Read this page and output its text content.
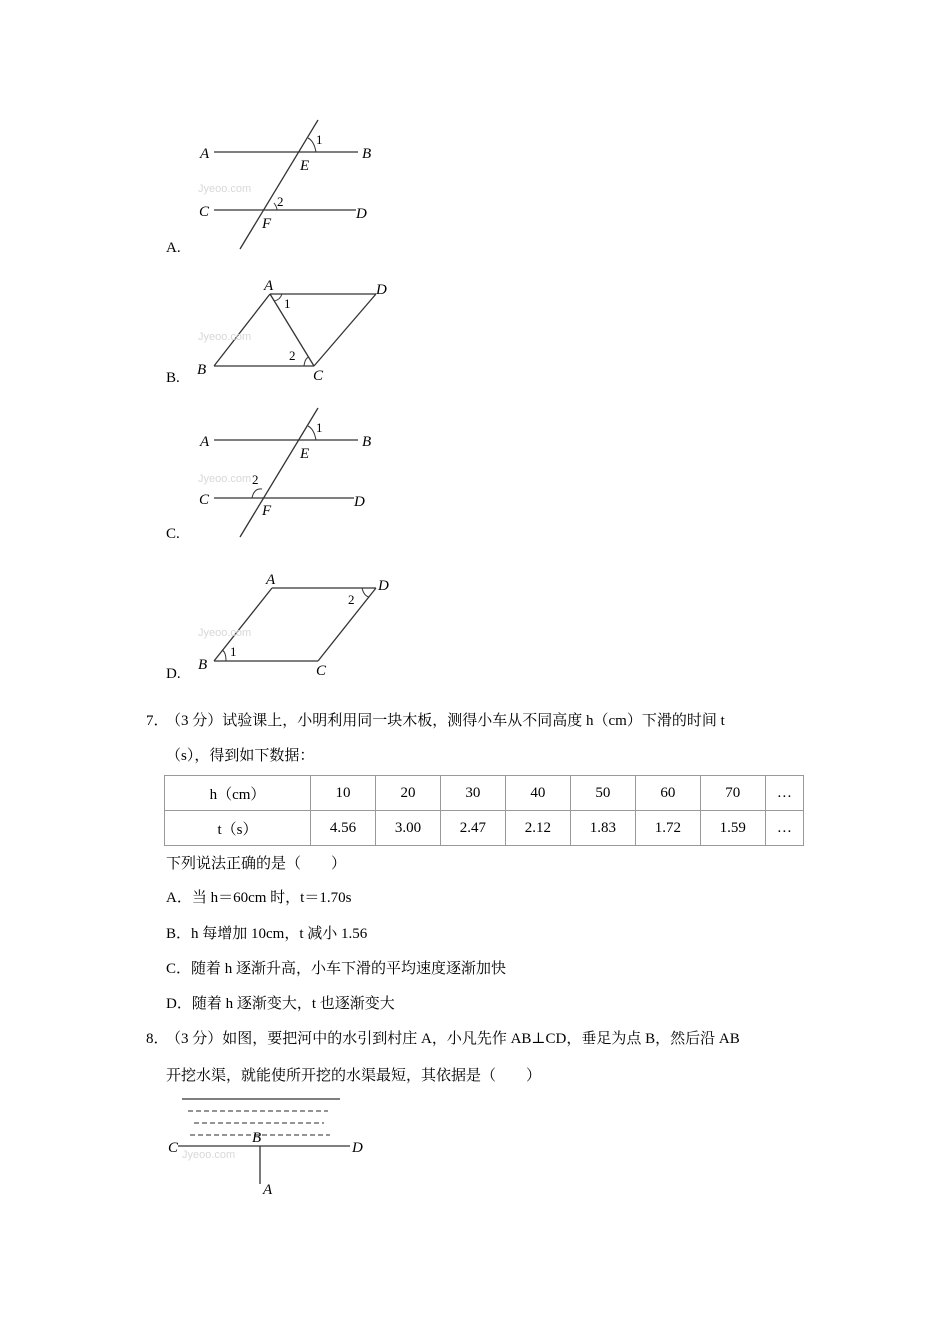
A	B
C	D
E
F
1
2
Jyeoo.com
A.
A	D
B	C
1
2
Jyeoo.com
B.
A	B
C	D
E
F
1
2
Jyeoo.com
C.
A	D
B	C
1
2
Jyeoo.com
D.
7．
（3 分）试验课上，小明利用同一块木板，测得小车从不同高度 h（cm）下滑的时间 t
（s），得到如下数据：
h（cm）	10	20	30	40	50	60	70	…
t（s）	4.56	3.00	2.47	2.12	1.83	1.72	1.59	…
下列说法正确的是（　　）
A．当 h＝60cm 时，t＝1.70s
B．h 每增加 10cm，t 减小 1.56
C．随着 h 逐渐升高，小车下滑的平均速度逐渐加快
D．随着 h 逐渐变大，t 也逐渐变大
8．
（3 分）如图，要把河中的水引到村庄 A，小凡先作 AB⊥CD，垂足为点 B，然后沿 AB
开挖水渠，就能使所开挖的水渠最短，其依据是（　　）
C
B
D
A
Jyeoo.com
